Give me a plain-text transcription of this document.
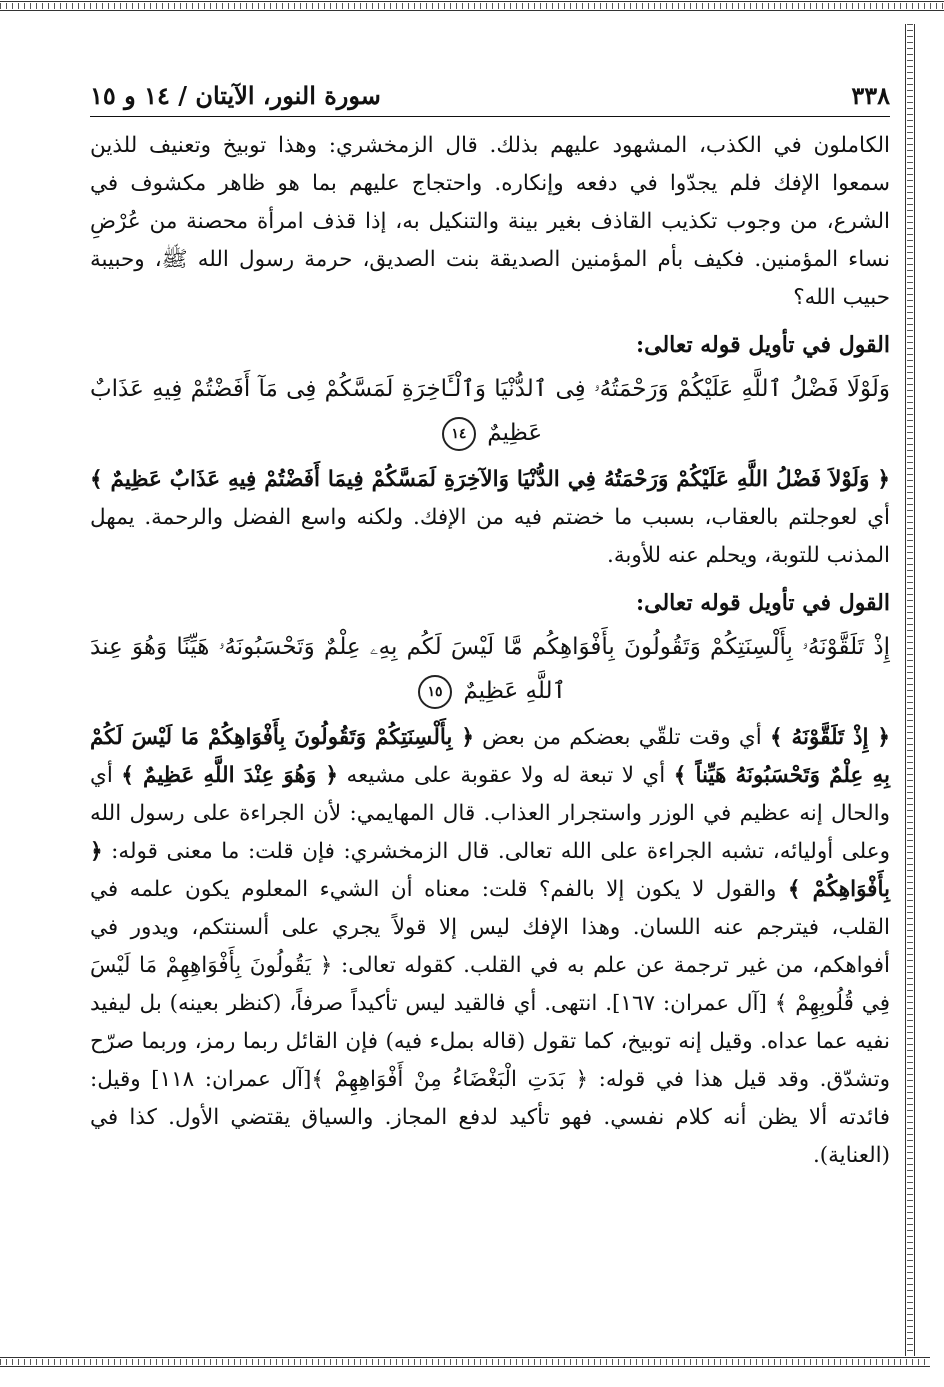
٣٣٨
سورة النور، الآيتان / ١٤ و ١٥

الكاملون في الكذب، المشهود عليهم بذلك. قال الزمخشري: وهذا توبيخ وتعنيف للذين سمعوا الإفك فلم يجدّوا في دفعه وإنكاره. واحتجاج عليهم بما هو ظاهر مكشوف في الشرع، من وجوب تكذيب القاذف بغير بينة والتنكيل به، إذا قذف امرأة محصنة من عُرْضِ نساء المؤمنين. فكيف بأم المؤمنين الصديقة بنت الصديق، حرمة رسول الله ﷺ، وحبيبة حبيب الله؟

القول في تأويل قوله تعالى:
وَلَوْلَا فَضْلُ ٱللَّهِ عَلَيْكُمْ وَرَحْمَتُهُۥ فِى ٱلدُّنْيَا وَٱلْـَٔاخِرَةِ لَمَسَّكُمْ فِى مَآ أَفَضْتُمْ فِيهِ عَذَابٌ
عَظِيمٌ ١٤

﴿ وَلَوْلاَ فَضْلُ اللَّهِ عَلَيْكُمْ وَرَحْمَتُهُ فِي الدُّنْيَا وَالآخِرَةِ لَمَسَّكُمْ فِيمَا أَفَضْتُمْ فِيهِ عَذَابٌ عَظِيمٌ ﴾ أي لعوجلتم بالعقاب، بسبب ما خضتم فيه من الإفك. ولكنه واسع الفضل والرحمة. يمهل المذنب للتوبة، ويحلم عنه للأوبة.

القول في تأويل قوله تعالى:
إِذْ تَلَقَّوْنَهُۥ بِأَلْسِنَتِكُمْ وَتَقُولُونَ بِأَفْوَاهِكُم مَّا لَيْسَ لَكُم بِهِۦ عِلْمٌ وَتَحْسَبُونَهُۥ هَيِّنًا وَهُوَ عِندَ
ٱللَّهِ عَظِيمٌ ١٥

﴿ إِذْ تَلَقَّوْنَهُ ﴾ أي وقت تلقّي بعضكم من بعض ﴿ بِأَلْسِنَتِكُمْ وَتَقُولُونَ بِأَفْوَاهِكُمْ مَا لَيْسَ لَكُمْ بِهِ عِلْمٌ وَتَحْسَبُونَهُ هَيِّناً ﴾ أي لا تبعة له ولا عقوبة على مشيعه ﴿ وَهُوَ عِنْدَ اللَّهِ عَظِيمٌ ﴾ أي والحال إنه عظيم في الوزر واستجرار العذاب. قال المهايمي: لأن الجراءة على رسول الله وعلى أوليائه، تشبه الجراءة على الله تعالى. قال الزمخشري: فإن قلت: ما معنى قوله: ﴿ بِأَفْوَاهِكُمْ ﴾ والقول لا يكون إلا بالفم؟ قلت: معناه أن الشيء المعلوم يكون علمه في القلب، فيترجم عنه اللسان. وهذا الإفك ليس إلا قولاً يجري على ألسنتكم، ويدور في أفواهكم، من غير ترجمة عن علم به في القلب. كقوله تعالى: ﴿ يَقُولُونَ بِأَفْوَاهِهِمْ مَا لَيْسَ فِي قُلُوبِهِمْ ﴾ [آل عمران: ١٦٧]. انتهى. أي فالقيد ليس تأكيداً صرفاً، (كنظر بعينه) بل ليفيد نفيه عما عداه. وقيل إنه توبيخ، كما تقول (قاله بملء فيه) فإن القائل ربما رمز، وربما صرّح وتشدّق. وقد قيل هذا في قوله: ﴿ بَدَتِ الْبَغْضَاءُ مِنْ أَفْوَاهِهِمْ ﴾[آل عمران: ١١٨] وقيل: فائدته ألا يظن أنه كلام نفسي. فهو تأكيد لدفع المجاز. والسياق يقتضي الأول. كذا في (العناية).
